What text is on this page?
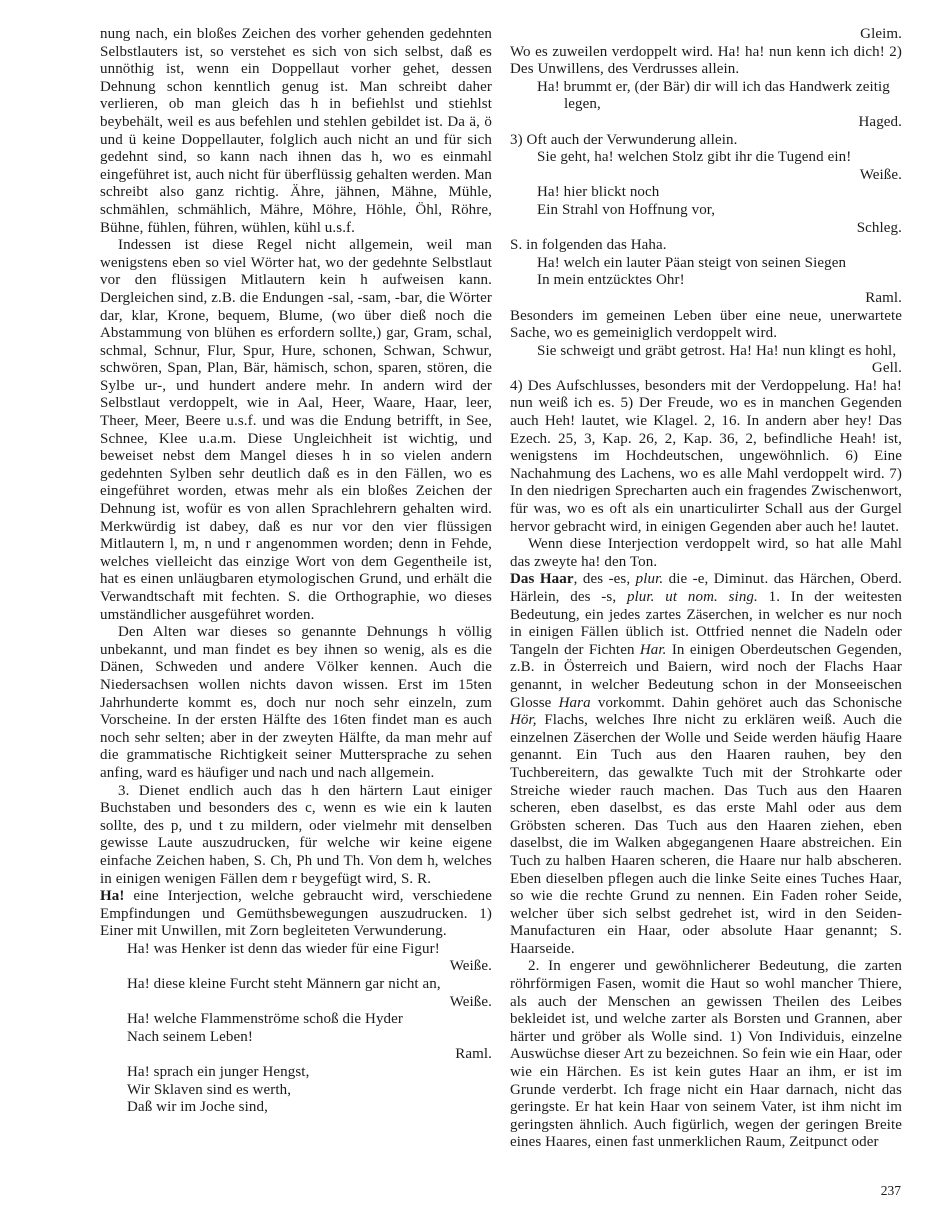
nung nach, ein bloßes Zeichen des vorher gehenden gedehnten Selbstlauters ist, so verstehet es sich von sich selbst, daß es unnöthig ist, wenn ein Doppellaut vorher gehet, dessen Dehnung schon kenntlich genug ist. Man schreibt daher verlieren, ob man gleich das h in befiehlst und stiehlst beybehält, weil es aus befehlen und stehlen gebildet ist. Da ä, ö und ü keine Doppellauter, folglich auch nicht an und für sich gedehnt sind, so kann nach ihnen das h, wo es einmahl eingeführet ist, auch nicht für überflüssig gehalten werden. Man schreibt also ganz richtig. Ähre, jähnen, Mähne, Mühle, schmählen, schmählich, Mähre, Möhre, Höhle, Öhl, Röhre, Bühne, fühlen, führen, wühlen, kühl u.s.f.

Indessen ist diese Regel nicht allgemein, weil man wenigstens eben so viel Wörter hat, wo der gedehnte Selbstlaut vor den flüssigen Mitlautern kein h aufweisen kann. Dergleichen sind, z.B. die Endungen -sal, -sam, -bar, die Wörter dar, klar, Krone, bequem, Blume, (wo über dieß noch die Abstammung von blühen es erfordern sollte,) gar, Gram, schal, schmal, Schnur, Flur, Spur, Hure, schonen, Schwan, Schwur, schwören, Span, Plan, Bär, hämisch, schon, sparen, stören, die Sylbe ur-, und hundert andere mehr. In andern wird der Selbstlaut verdoppelt, wie in Aal, Heer, Waare, Haar, leer, Theer, Meer, Beere u.s.f. und was die Endung betrifft, in See, Schnee, Klee u.a.m. Diese Ungleichheit ist wichtig, und beweiset nebst dem Mangel dieses h in so vielen andern gedehnten Sylben sehr deutlich daß es in den Fällen, wo es eingeführet worden, etwas mehr als ein bloßes Zeichen der Dehnung ist, wofür es von allen Sprachlehrern gehalten wird. Merkwürdig ist dabey, daß es nur vor den vier flüssigen Mitlautern l, m, n und r angenommen worden; denn in Fehde, welches vielleicht das einzige Wort von dem Gegentheile ist, hat es einen unläugbaren etymologischen Grund, und erhält die Verwandtschaft mit fechten. S. die Orthographie, wo dieses umständlicher ausgeführet worden.

Den Alten war dieses so genannte Dehnungs h völlig unbekannt, und man findet es bey ihnen so wenig, als es die Dänen, Schweden und andere Völker kennen. Auch die Niedersachsen wollen nichts davon wissen. Erst im 15ten Jahrhunderte kommt es, doch nur noch sehr einzeln, zum Vorscheine. In der ersten Hälfte des 16ten findet man es auch noch sehr selten; aber in der zweyten Hälfte, da man mehr auf die grammatische Richtigkeit seiner Muttersprache zu sehen anfing, ward es häufiger und nach und nach allgemein.

3. Dienet endlich auch das h den härtern Laut einiger Buchstaben und besonders des c, wenn es wie ein k lauten sollte, des p, und t zu mildern, oder vielmehr mit denselben gewisse Laute auszudrucken, für welche wir keine eigene einfache Zeichen haben, S. Ch, Ph und Th. Von dem h, welches in einigen wenigen Fällen dem r beygefügt wird, S. R.

Ha! eine Interjection, welche gebraucht wird, verschiedene Empfindungen und Gemüthsbewegungen auszudrucken. 1) Einer mit Unwillen, mit Zorn begleiteten Verwunderung.

Ha! was Henker ist denn das wieder für eine Figur!
Weiße.
Ha! diese kleine Furcht steht Männern gar nicht an,
Weiße.
Ha! welche Flammenströme schoß die Hyder
Nach seinem Leben!
Raml.
Ha! sprach ein junger Hengst,
Wir Sklaven sind es werth,
Daß wir im Joche sind,
Gleim.

Wo es zuweilen verdoppelt wird. Ha! ha! nun kenn ich dich! 2) Des Unwillens, des Verdrusses allein.

Ha! brummt er, (der Bär) dir will ich das Handwerk zeitig
legen,
Haged.

3) Oft auch der Verwunderung allein.

Sie geht, ha! welchen Stolz gibt ihr die Tugend ein!
Weiße.
Ha! hier blickt noch
Ein Strahl von Hoffnung vor,
Schleg.

S. in folgenden das Haha.

Ha! welch ein lauter Päan steigt von seinen Siegen
In mein entzücktes Ohr!
Raml.

Besonders im gemeinen Leben über eine neue, unerwartete Sache, wo es gemeiniglich verdoppelt wird.

Sie schweigt und gräbt getrost. Ha! Ha! nun klingt es hohl,
Gell.

4) Des Aufschlusses, besonders mit der Verdoppelung. Ha! ha! nun weiß ich es. 5) Der Freude, wo es in manchen Gegenden auch Heh! lautet, wie Klagel. 2, 16. In andern aber hey! Das Ezech. 25, 3, Kap. 26, 2, Kap. 36, 2, befindliche Heah! ist, wenigstens im Hochdeutschen, ungewöhnlich. 6) Eine Nachahmung des Lachens, wo es alle Mahl verdoppelt wird. 7) In den niedrigen Sprecharten auch ein fragendes Zwischenwort, für was, wo es oft als ein unarticulirter Schall aus der Gurgel hervor gebracht wird, in einigen Gegenden aber auch he! lautet.

Wenn diese Interjection verdoppelt wird, so hat alle Mahl das zweyte ha! den Ton.

Das Haar, des -es, plur. die -e, Diminut. das Härchen, Oberd. Härlein, des -s, plur. ut nom. sing. 1. In der weitesten Bedeutung, ein jedes zartes Zäserchen, in welcher es nur noch in einigen Fällen üblich ist. Ottfried nennet die Nadeln oder Tangeln der Fichten Har. In einigen Oberdeutschen Gegenden, z.B. in Österreich und Baiern, wird noch der Flachs Haar genannt, in welcher Bedeutung schon in der Monseeischen Glosse Hara vorkommt. Dahin gehöret auch das Schonische Hör, Flachs, welches Ihre nicht zu erklären weiß. Auch die einzelnen Zäserchen der Wolle und Seide werden häufig Haare genannt. Ein Tuch aus den Haaren rauhen, bey den Tuchbereitern, das gewalkte Tuch mit der Strohkarte oder Streiche wieder rauch machen. Das Tuch aus den Haaren scheren, eben daselbst, es das erste Mahl oder aus dem Gröbsten scheren. Das Tuch aus den Haaren ziehen, eben daselbst, die im Walken abgegangenen Haare abstreichen. Ein Tuch zu halben Haaren scheren, die Haare nur halb abscheren. Eben dieselben pflegen auch die linke Seite eines Tuches Haar, so wie die rechte Grund zu nennen. Ein Faden roher Seide, welcher über sich selbst gedrehet ist, wird in den Seiden-Manufacturen ein Haar, oder absolute Haar genannt; S. Haarseide.

2. In engerer und gewöhnlicherer Bedeutung, die zarten röhrförmigen Fasen, womit die Haut so wohl mancher Thiere, als auch der Menschen an gewissen Theilen des Leibes bekleidet ist, und welche zarter als Borsten und Grannen, aber härter und gröber als Wolle sind. 1) Von Individuis, einzelne Auswüchse dieser Art zu bezeichnen. So fein wie ein Haar, oder wie ein Härchen. Es ist kein gutes Haar an ihm, er ist im Grunde verderbt. Ich frage nicht ein Haar darnach, nicht das geringste. Er hat kein Haar von seinem Vater, ist ihm nicht im geringsten ähnlich. Auch figürlich, wegen der geringen Breite eines Haares, einen fast unmerklichen Raum, Zeitpunct oder

237
